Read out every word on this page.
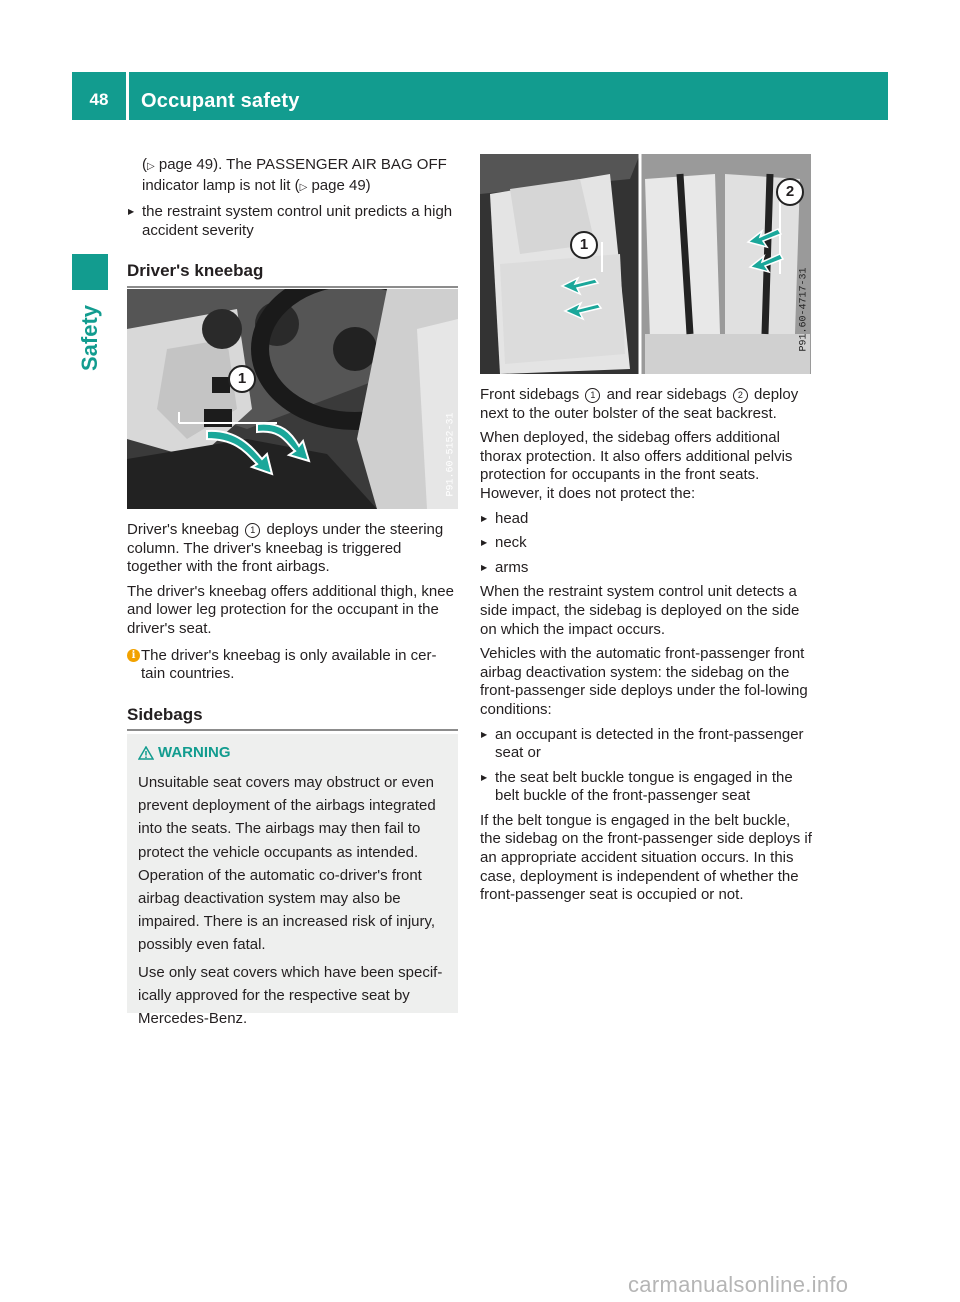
48	Occupant safety
Safety

(▷ page 49). The PASSENGER AIR BAG OFF
indicator lamp is not lit (▷ page 49)

▶ the restraint system control unit predicts a high accident severity

Driver's kneebag
1
P91.60-5152-31

Driver's kneebag 1 deploys under the steering column. The driver's kneebag is triggered together with the front airbags.

The driver's kneebag offers additional thigh, knee and lower leg protection for the occupant in the driver's seat.

i The driver's kneebag is only available in cer-tain countries.

Sidebags
WARNING

Unsuitable seat covers may obstruct or even prevent deployment of the airbags integrated into the seats. The airbags may then fail to protect the vehicle occupants as intended. Operation of the automatic co-driver's front airbag deactivation system may also be impaired. There is an increased risk of injury, possibly even fatal.

Use only seat covers which have been specif-ically approved for the respective seat by Mercedes-Benz.

1
2
P91.60-4717-31

Front sidebags 1 and rear sidebags 2 deploy next to the outer bolster of the seat backrest.

When deployed, the sidebag offers additional thorax protection. It also offers additional pelvis protection for occupants in the front seats. However, it does not protect the:

▶ head

▶ neck

▶ arms

When the restraint system control unit detects a side impact, the sidebag is deployed on the side on which the impact occurs.

Vehicles with the automatic front-passenger front airbag deactivation system: the sidebag on the front-passenger side deploys under the fol-lowing conditions:

▶ an occupant is detected in the front-passenger seat or

▶ the seat belt buckle tongue is engaged in the belt buckle of the front-passenger seat

If the belt tongue is engaged in the belt buckle, the sidebag on the front-passenger side deploys if an appropriate accident situation occurs. In this case, deployment is independent of whether the front-passenger seat is occupied or not.

carmanualsonline.info
